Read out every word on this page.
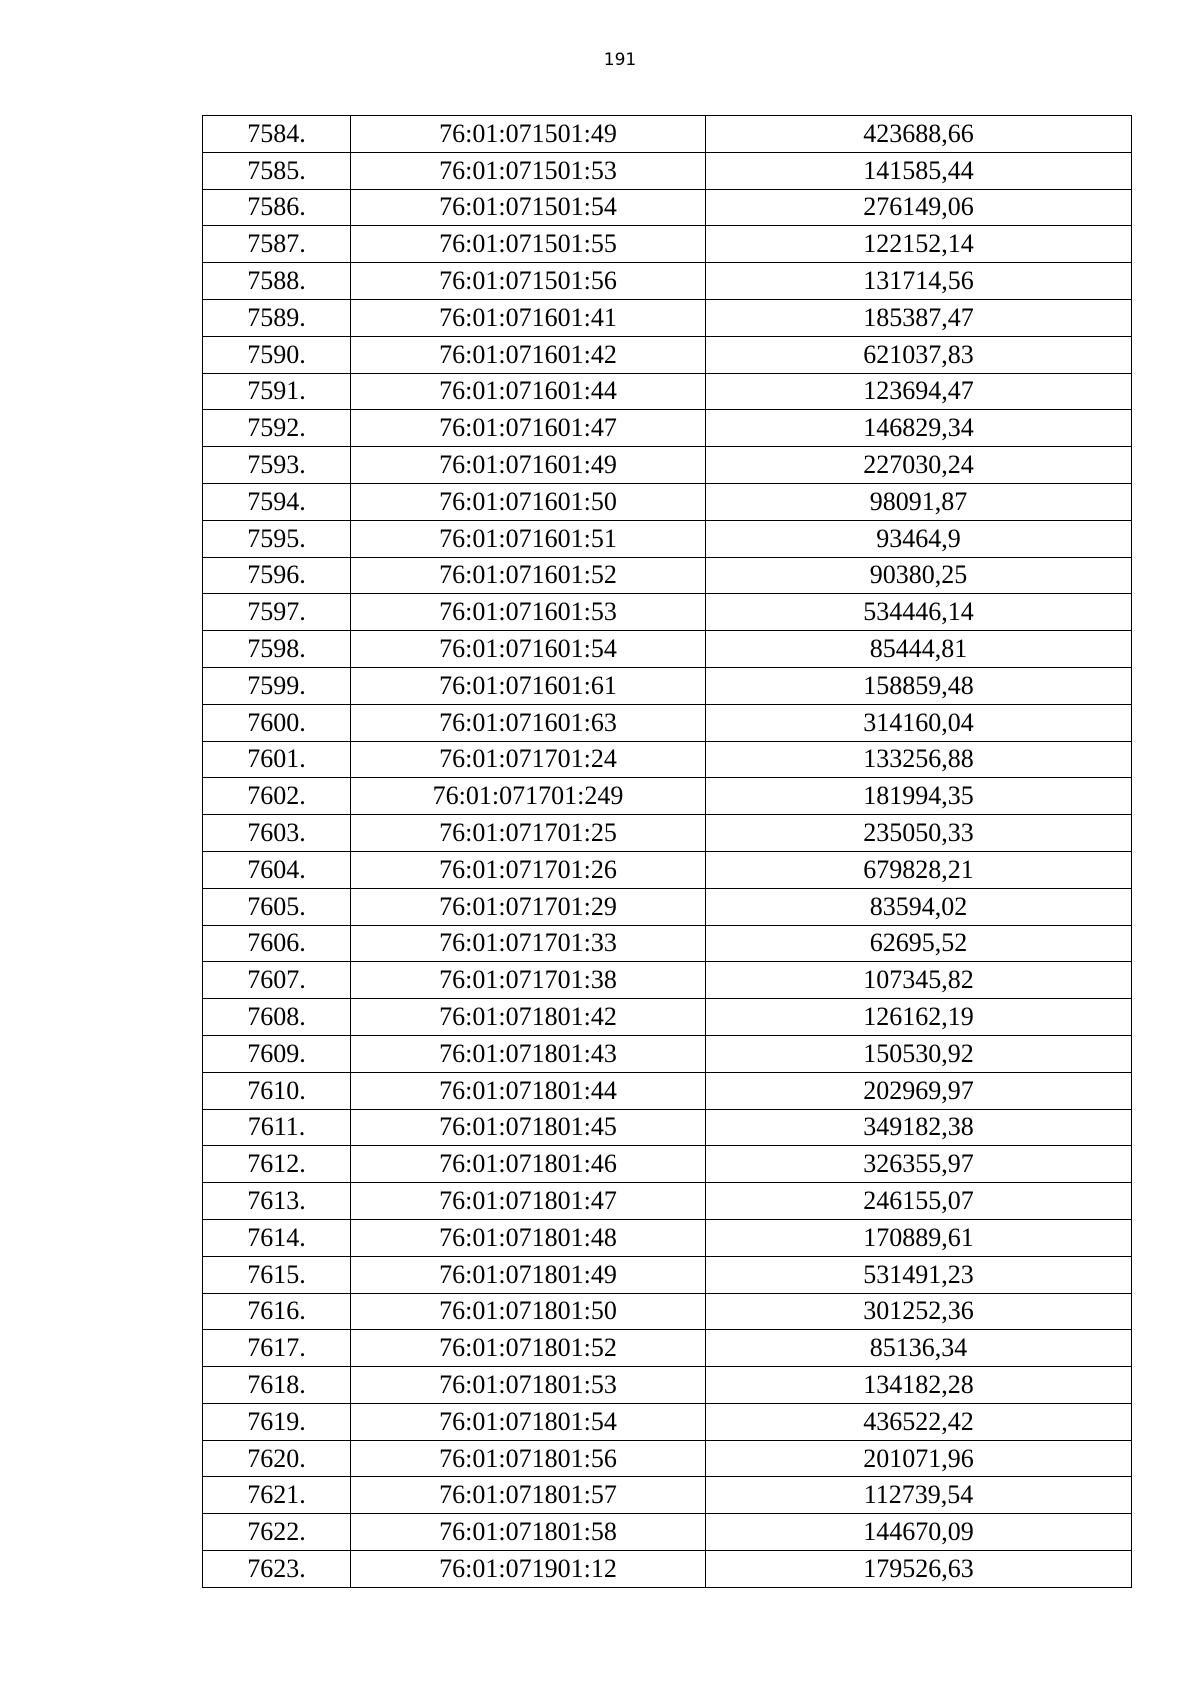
191
7584.	76:01:071501:49	423688,66
7585.	76:01:071501:53	141585,44
7586.	76:01:071501:54	276149,06
7587.	76:01:071501:55	122152,14
7588.	76:01:071501:56	131714,56
7589.	76:01:071601:41	185387,47
7590.	76:01:071601:42	621037,83
7591.	76:01:071601:44	123694,47
7592.	76:01:071601:47	146829,34
7593.	76:01:071601:49	227030,24
7594.	76:01:071601:50	98091,87
7595.	76:01:071601:51	93464,9
7596.	76:01:071601:52	90380,25
7597.	76:01:071601:53	534446,14
7598.	76:01:071601:54	85444,81
7599.	76:01:071601:61	158859,48
7600.	76:01:071601:63	314160,04
7601.	76:01:071701:24	133256,88
7602.	76:01:071701:249	181994,35
7603.	76:01:071701:25	235050,33
7604.	76:01:071701:26	679828,21
7605.	76:01:071701:29	83594,02
7606.	76:01:071701:33	62695,52
7607.	76:01:071701:38	107345,82
7608.	76:01:071801:42	126162,19
7609.	76:01:071801:43	150530,92
7610.	76:01:071801:44	202969,97
7611.	76:01:071801:45	349182,38
7612.	76:01:071801:46	326355,97
7613.	76:01:071801:47	246155,07
7614.	76:01:071801:48	170889,61
7615.	76:01:071801:49	531491,23
7616.	76:01:071801:50	301252,36
7617.	76:01:071801:52	85136,34
7618.	76:01:071801:53	134182,28
7619.	76:01:071801:54	436522,42
7620.	76:01:071801:56	201071,96
7621.	76:01:071801:57	112739,54
7622.	76:01:071801:58	144670,09
7623.	76:01:071901:12	179526,63
